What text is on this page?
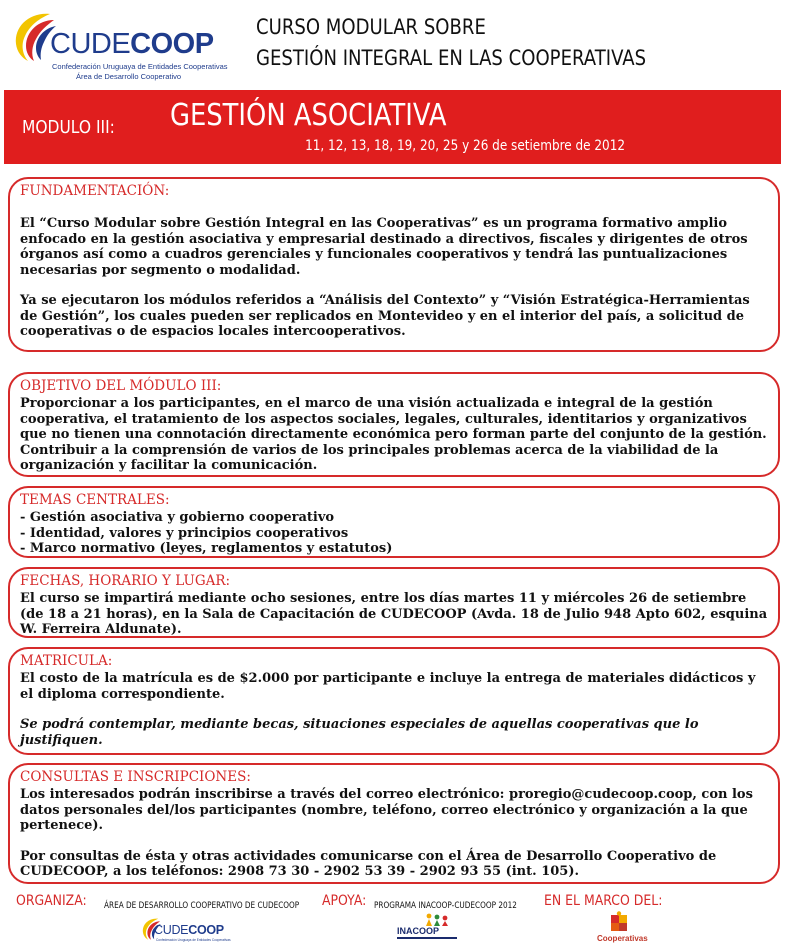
CUDECOOP
Confederación Uruguaya de Entidades Cooperativas
Área de Desarrollo Cooperativo
CURSO MODULAR SOBRE
GESTIÓN INTEGRAL EN LAS COOPERATIVAS
MODULO III: GESTIÓN ASOCIATIVA
11, 12, 13, 18, 19, 20, 25 y 26 de setiembre de 2012
FUNDAMENTACIÓN:

El “Curso Modular sobre Gestión Integral en las Cooperativas” es un programa formativo amplio enfocado en la gestión asociativa y empresarial destinado a directivos, fiscales y dirigentes de otros órganos así como a cuadros gerenciales y funcionales cooperativos y tendrá las puntualizaciones necesarias por segmento o modalidad.

Ya se ejecutaron los módulos referidos a “Análisis del Contexto” y “Visión Estratégica-Herramientas de Gestión”, los cuales pueden ser replicados en Montevideo y en el interior del país, a solicitud de cooperativas o de espacios locales intercooperativos.

OBJETIVO DEL MÓDULO III:

Proporcionar a los participantes, en el marco de una visión actualizada e integral de la gestión cooperativa, el tratamiento de los aspectos sociales, legales, culturales, identitarios y organizativos que no tienen una connotación directamente económica pero forman parte del conjunto de la gestión. Contribuir a la comprensión de varios de los principales problemas acerca de la viabilidad de la organización y facilitar la comunicación.

TEMAS CENTRALES:
- Gestión asociativa y gobierno cooperativo
- Identidad, valores y principios cooperativos
- Marco normativo (leyes, reglamentos y estatutos)
FECHAS, HORARIO Y LUGAR:

El curso se impartirá mediante ocho sesiones, entre los días martes 11 y miércoles 26 de setiembre (de 18 a 21 horas), en la Sala de Capacitación de CUDECOOP (Avda. 18 de Julio 948 Apto 602, esquina W. Ferreira Aldunate).

MATRICULA:

El costo de la matrícula es de $2.000 por participante e incluye la entrega de materiales didácticos y el diploma correspondiente.

Se podrá contemplar, mediante becas, situaciones especiales de aquellas cooperativas que lo justifiquen.

CONSULTAS E INSCRIPCIONES:

Los interesados podrán inscribirse a través del correo electrónico: proregio@cudecoop.coop, con los datos personales del/los participantes (nombre, teléfono, correo electrónico y organización a la que pertenece).

Por consultas de ésta y otras actividades comunicarse con el Área de Desarrollo Cooperativo de CUDECOOP, a los teléfonos: 2908 73 30 - 2902 53 39 - 2902 93 55 (int. 105).

ORGANIZA:	ÁREA DE DESARROLLO COOPERATIVO DE CUDECOOP APOYA: PROGRAMA INACOOP-CUDECOOP 2012 EN EL MARCO DEL:
CUDECOOP
Confederación Uruguaya de Entidades Cooperativas
INACOOP
Cooperativas
